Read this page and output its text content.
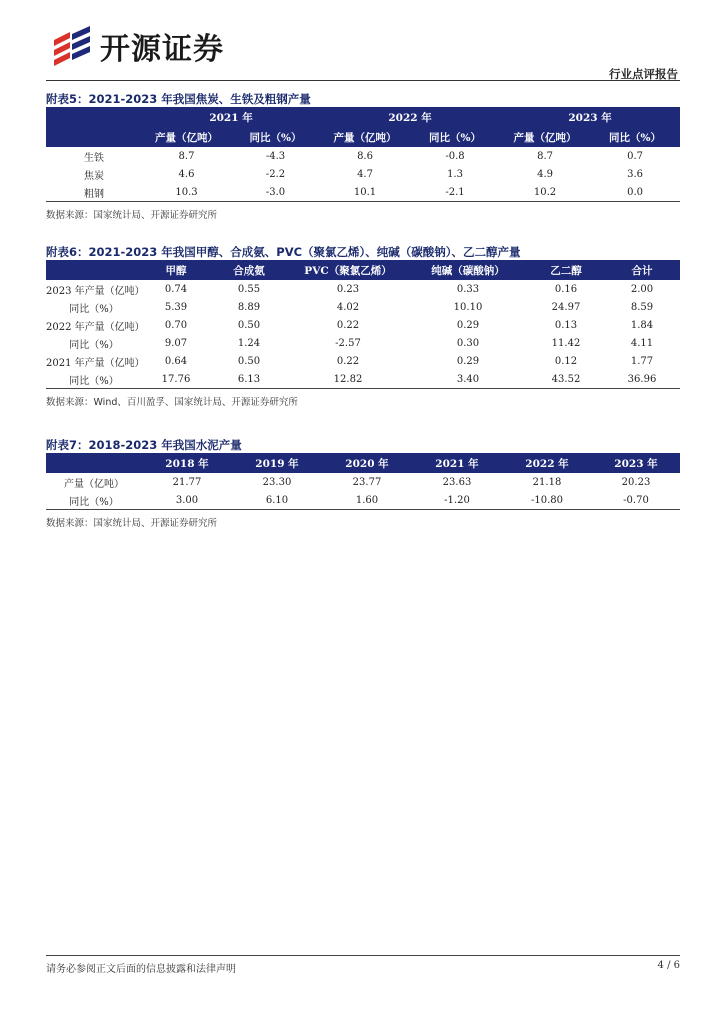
开源证券
行业点评报告
附表5：2021-2023 年我国焦炭、生铁及粗钢产量
	2021 年		2022 年		2023 年	
	产量（亿吨）	同比（%）	产量（亿吨）	同比（%）	产量（亿吨）	同比（%）
生铁	8.7	-4.3	8.6	-0.8	8.7	0.7
焦炭	4.6	-2.2	4.7	1.3	4.9	3.6
粗钢	10.3	-3.0	10.1	-2.1	10.2	0.0
数据来源：国家统计局、开源证券研究所
附表6：2021-2023 年我国甲醇、合成氨、PVC（聚氯乙烯）、纯碱（碳酸钠）、乙二醇产量
	甲醇	合成氨	PVC（聚氯乙烯）	纯碱（碳酸钠）	乙二醇	合计
2023 年产量（亿吨）	0.74	0.55	0.23	0.33	0.16	2.00
同比（%）	5.39	8.89	4.02	10.10	24.97	8.59
2022 年产量（亿吨）	0.70	0.50	0.22	0.29	0.13	1.84
同比（%）	9.07	1.24	-2.57	0.30	11.42	4.11
2021 年产量（亿吨）	0.64	0.50	0.22	0.29	0.12	1.77
同比（%）	17.76	6.13	12.82	3.40	43.52	36.96
数据来源：Wind、百川盈孚、国家统计局、开源证券研究所
附表7：2018-2023 年我国水泥产量
	2018 年	2019 年	2020 年	2021 年	2022 年	2023 年
产量（亿吨）	21.77	23.30	23.77	23.63	21.18	20.23
同比（%）	3.00	6.10	1.60	-1.20	-10.80	-0.70
数据来源：国家统计局、开源证券研究所
请务必参阅正文后面的信息披露和法律声明	4 / 6
